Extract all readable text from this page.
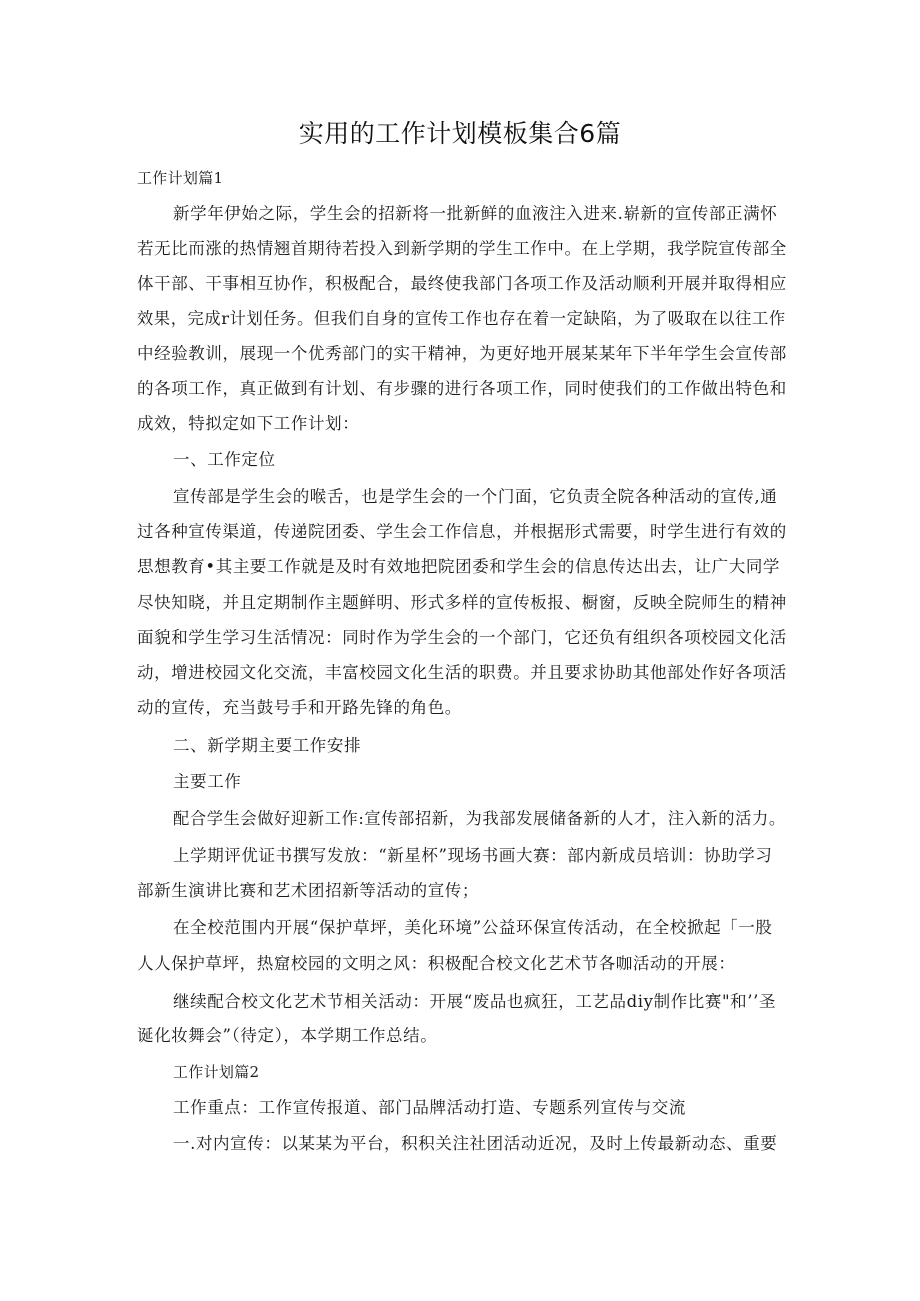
实用的工作计划模板集合6篇
工作计划篇1
新学年伊始之际，学生会的招新将一批新鲜的血液注入进来.崭新的宣传部正满怀
若无比而涨的热情翘首期待若投入到新学期的学生工作中。在上学期，我学院宣传部全
体干部、干事相互协作，积极配合，最终使我部门各项工作及活动顺利开展并取得相应
效果，完成r计划任务。但我们自身的宣传工作也存在着一定缺陷，为了吸取在以往工作
中经验教训，展现一个优秀部门的实干精神，为更好地开展某某年下半年学生会宣传部
的各项工作，真正做到有计划、有步骤的进行各项工作，同时使我们的工作做出特色和
成效，特拟定如下工作计划：
一、工作定位
宣传部是学生会的喉舌，也是学生会的一个门面，它负责全院各种活动的宣传,通
过各种宣传渠道，传递院团委、学生会工作信息，并根据形式需要，时学生进行有效的
思想教育•其主要工作就是及时有效地把院团委和学生会的信息传达出去，让广大同学
尽快知晓，并且定期制作主题鲜明、形式多样的宣传板报、橱窗，反映全院师生的精神
面貌和学生学习生活情况：同时作为学生会的一个部门，它还负有组织各项校园文化活
动，增进校园文化交流，丰富校园文化生活的职费。并且要求协助其他部处作好各项活
动的宣传，充当鼓号手和开路先锋的角色。
二、新学期主要工作安排
主要工作
配合学生会做好迎新工作:宣传部招新，为我部发展储备新的人才，注入新的活力。
上学期评优证书撰写发放：“新星杯”现场书画大赛：部内新成员培训：协助学习
部新生演讲比赛和艺术团招新等活动的宣传；
在全校范围内开展“保护草坪，美化环境”公益环保宣传活动，在全校掀起「一股
人人保护草坪，热窟校园的文明之风：积极配合校文化艺术节各咖活动的开展：
继续配合校文化艺术节相关活动：开展“废品也疯狂，工艺品diy制作比赛"和’’圣
诞化妆舞会”（待定），本学期工作总结。
工作计划篇2
工作重点：工作宣传报道、部门品牌活动打造、专题系列宣传与交流
一.对内宣传：以某某为平台，积积关注社团活动近况，及时上传最新动态、重要
